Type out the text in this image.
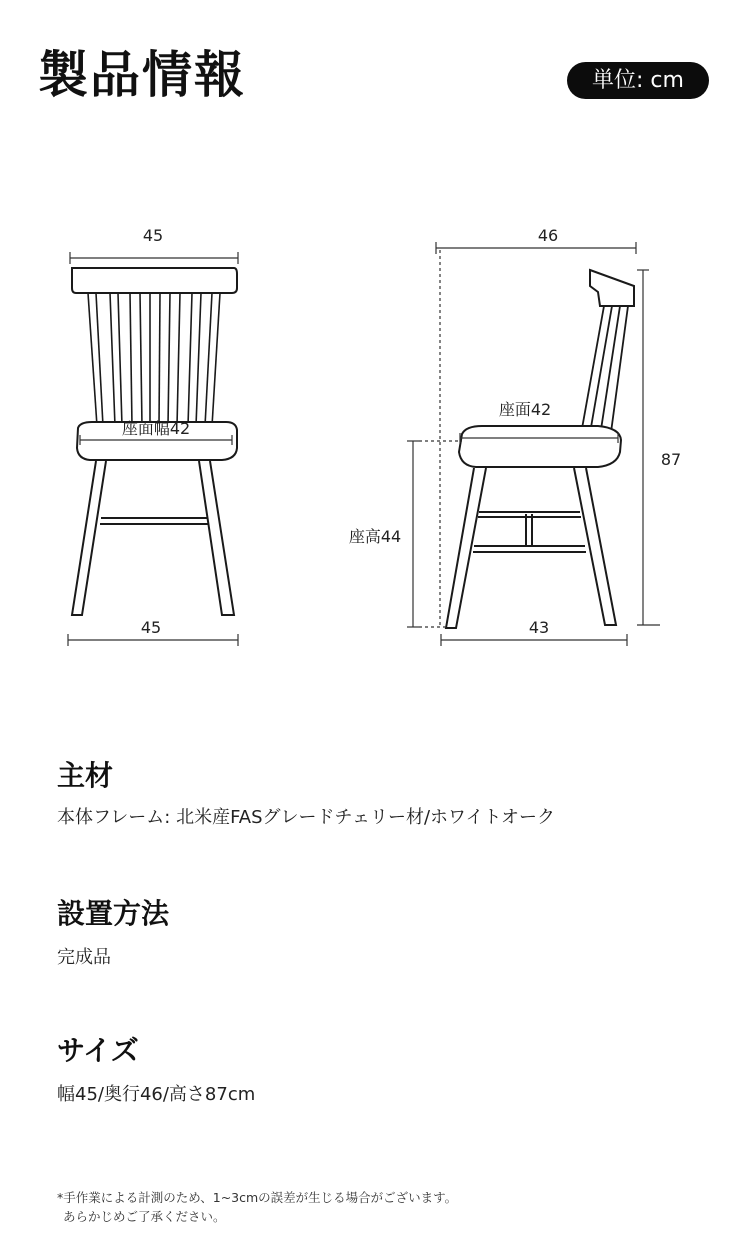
製品情報	単位: cm
45
座面幅42
45
46
座面42
87
座高44
43
主材
本体フレーム: 北米産FASグレードチェリー材/ホワイトオーク
設置方法
完成品
サイズ
幅45/奥行46/高さ87cm
*手作業による計測のため、1~3cmの誤差が生じる場合がございます。
あらかじめご了承ください。
